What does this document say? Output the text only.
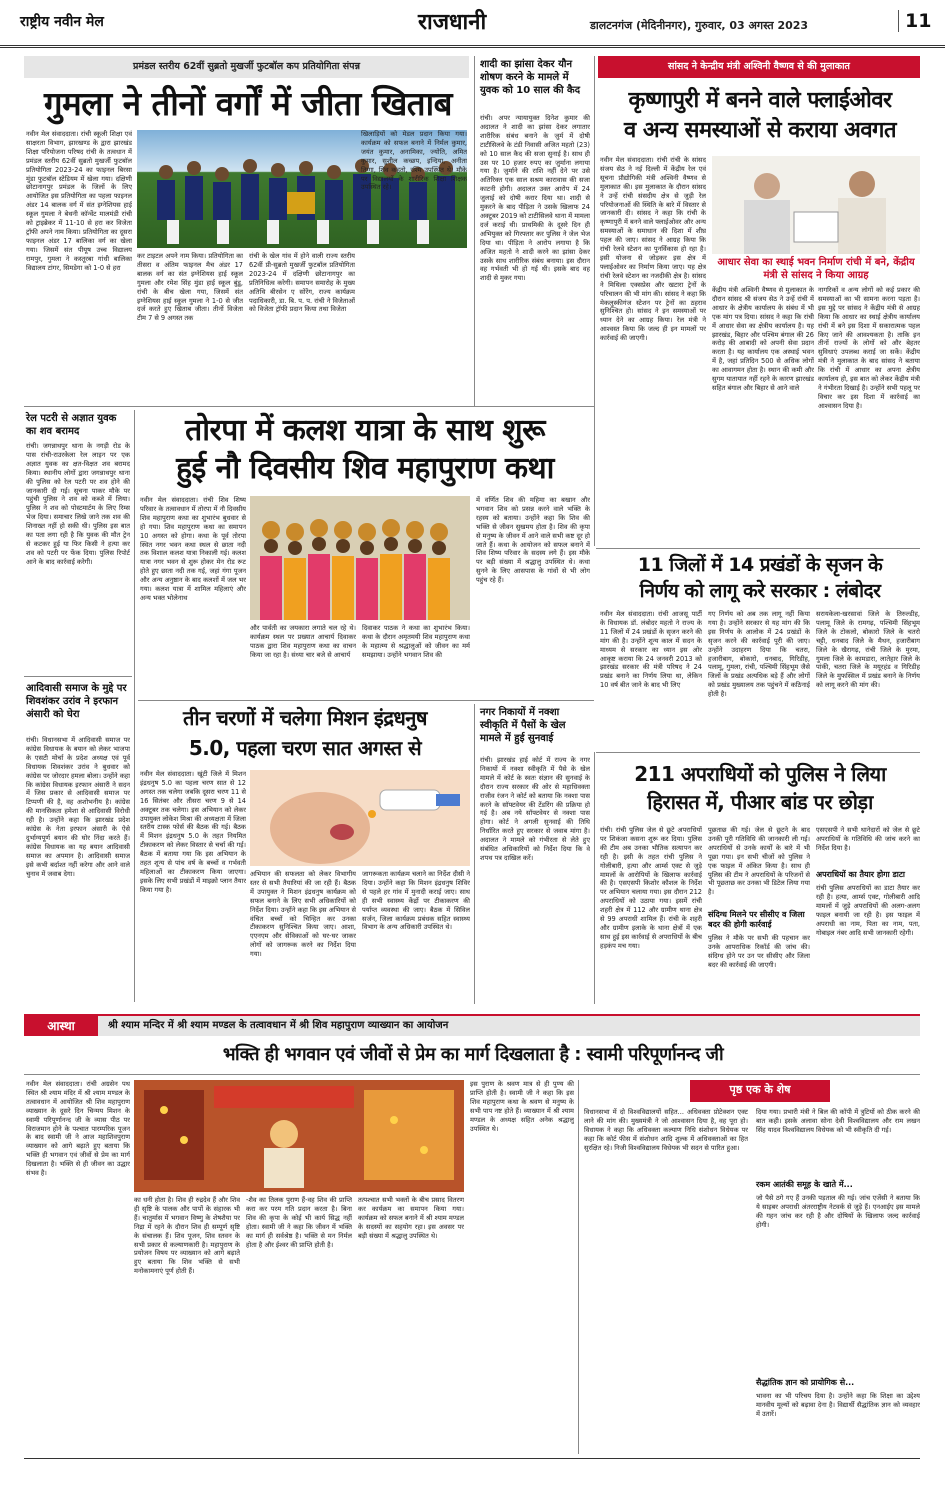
राष्ट्रीय नवीन मेल	राजधानी	डालटनगंज (मेदिनीनगर), गुरुवार, 03 अगस्त 2023	11
प्रमंडल स्तरीय 62वीं सुब्रतो मुखर्जी फुटबॉल कप प्रतियोगिता संपन्न
गुमला ने तीनों वर्गों में जीता खिताब
नवीन मेल संवाददाता। रांची स्कूली शिक्षा एवं साक्षरता विभाग, झारखण्ड के द्वारा झारखंड शिक्षा परियोजना परिषद रांची के तत्वधान में प्रमंडल स्तरीय 62वीं सुब्रतो मुखर्जी फुटबॉल प्रतियोगिता 2023-24 का फाइनल बिरसा मुंडा फुटबॉल स्टेडियम में खेला गया। दक्षिणी छोटानागपुर प्रमंडल के जिलों के लिए आयोजित इस प्रतियोगिता का पहला फाइनल अंडर 14 बालक वर्ग में संत इग्नेशियस हाई स्कूल गुमला ने बेथनी कॉन्वेंट मालमंडी रांची को ट्राइब्रेकर में 11-10 से हरा कर विजेता ट्रॉफी अपने नाम किया। प्रतियोगिता का दूसरा फाइनल अंडर 17 बालिका वर्ग का खेला गया। जिसमें संत पीयूष उच्च विद्यालय रामपुर, गुमला ने कस्तूरबा गांधी बालिका विद्यालय टांगर, सिमडेगा को 1-0 से हरा
कर टाइटल अपने नाम किया। प्रतियोगिता का तीसरा व अंतिम फाइनल मैच अंडर 17 बालक वर्ग का संत इग्नेशियस हाई स्कूल गुमला और रमेश सिंह मुंडा हाई स्कूल बुंडू, रांची के बीच खेला गया, जिसमें संत इग्नेशियस हाई स्कूल गुमला ने 1-0 से जीत दर्ज करते हुए खिताब जीता। तीनों विजेता टीम 7 से 9 अगस्त तक
रांची के खेल गांव में होने वाली राज्य स्तरीय 62वीं प्री-सुब्रतो मुखर्जी फुटबॉल प्रतियोगिता 2023-24 में दक्षिणी छोटानागपुर का प्रतिनिधित्व करेगी। समापन समारोह के मुख्य अतिथि बीरसेन ए सोरेंग, राज्य कार्यक्रम पदाधिकारी, डा. बि. प. प. रांची ने विजेताओं को विजेता ट्रॉफी प्रदान किया तथा विजेता
खिलाड़ियों को मेडल प्रदान किया गया। कार्यक्रम को सफल बनाने में निर्मल कुमार, जयंत कुमार, अनामिका, ज्योति, अमित कुमार, सुशील कच्छप, इन्दिया, अनीता तिग्गा, शिव कहतो, रश्मि उपस्थित थे। मौके पर विद्यालयों के शारीरिक शिक्षा शिक्षक उपस्थित रहे।
शादी का झांसा देकर यौन शोषण करने के मामले में युवक को 10 साल की कैद
रांची। अपर न्यायायुक्त दिनेश कुमार की अदालत ने शादी का झांसा देकर लगातार शारीरिक संबंध बनाने के जुर्म में दोषी टाटीसिलवे के टंडी निवासी अजित महतो (23) को 10 साल कैद की सजा सुनाई है। साथ ही उस पर 10 हजार रुपए का जुर्माना लगाया गया है। जुर्माने की राशि नहीं देने पर उसे अतिरिक्त एक साल सश्रम कारावास की सजा काटनी होगी। अदालत उक्त आरोप में 24 जुलाई को दोषी करार दिया था। शादी से मुकरने के बाद पीड़िता ने उसके खिलाफ 24 अक्टूबर 2019 को टाटीसिलवे थाना में मामला दर्ज कराई थी। प्राथमिकी के दूसरे दिन ही अभियुक्त को गिरफ्तार कर पुलिस ने जेल भेज दिया था। पीड़िता ने आरोप लगाया है कि अजित महतो ने शादी करने का झांसा देकर उसके साथ शारीरिक संबंध बनाया। इस दौरान वह गर्भवती भी हो गई थी। इसके बाद वह शादी से मुकर गया।
सांसद ने केन्द्रीय मंत्री अश्विनी वैष्णव से की मुलाकात
कृष्णापुरी में बनने वाले फ्लाईओवर
व अन्य समस्याओं से कराया अवगत
नवीन मेल संवाददाता। रांची रांची के सांसद संजय सेठ ने नई दिल्ली में केंद्रीय रेल एवं सूचना प्रौद्योगिकी मंत्री अश्विनी वैष्णव से मुलाकात की। इस मुलाकात के दौरान सांसद ने उन्हें रांची संसदीय क्षेत्र से जुड़ी रेल परियोजनाओं की स्थिति के बारे में विस्तार से जानकारी दी। सांसद ने कहा कि रांची के कृष्णापुरी में बनने वाले फ्लाईओवर और अन्य समस्याओं के समाधान की दिशा में शीघ्र पहल की जाए। सांसद ने आग्रह किया कि रांची रेलवे स्टेशन का पुनर्विकास हो रहा है। इसी योजना से जोड़कर इस क्षेत्र में फ्लाईओवर का निर्माण किया जाए। यह क्षेत्र रांची रेलवे स्टेशन का नजदीकी क्षेत्र है। सांसद ने मिथिला एक्सप्रेस और खटारा ट्रेनों के परिचालन की भी मांग की। सांसद ने कहा कि मेकलुस्कीगंज स्टेशन पर ट्रेनों का ठहराव सुनिश्चित हो। सांसद ने इन समस्याओं पर ध्यान देने का आग्रह किया। रेल मंत्री ने आश्वस्त किया कि जल्द ही इन मामलों पर कार्रवाई की जाएगी।
आधार सेवा का स्थाई भवन निर्माण रांची में बने, केंद्रीय मंत्री से सांसद ने किया आग्रह
केंद्रीय मंत्री अश्विनी वैष्णव से मुलाकात के दौरान सांसद श्री संजय सेठ ने उन्हें रांची में आधार के क्षेत्रीय कार्यालय के संबंध में भी एक मांग पत्र दिया। सांसद ने कहा कि रांची में आधार सेवा का क्षेत्रीय कार्यालय है। यह झारखंड, बिहार और पश्चिम बंगाल की 26 करोड़ की आबादी को अपनी सेवा प्रदान करता है। यह कार्यालय एक अस्थाई भवन में है, जहां प्रतिदिन 500 से अधिक लोगों का आवागमन होता है। स्थान की कमी और सुगम यातायात नहीं रहने के कारण झारखंड सहित बंगाल और बिहार से आने वाले
नागरिकों व अन्य लोगों को कई प्रकार की समस्याओं का भी सामना करना पड़ता है। इस मुद्दे पर सांसद ने केंद्रीय मंत्री से आग्रह किया कि आधार का स्थाई क्षेत्रीय कार्यालय रांची में बने इस दिशा में सकारात्मक पहल किए जाने की आवश्यकता है। ताकि इन तीनों राज्यों के लोगों को और बेहतर सुविधाएं उपलब्ध कराई जा सकें। केंद्रीय मंत्री ने मुलाकात के बाद सांसद ने बताया कि रांची में आधार का अपना क्षेत्रीय कार्यालय हो, इस बात को लेकर केंद्रीय मंत्री ने गंभीरता दिखाई है। उन्होंने सभी पहलू पर विचार कर इस दिशा में कार्रवाई का आश्वासन दिया है।
रेल पटरी से अज्ञात युवक का शव बरामद
रांची। जगन्नाथपुर थाना के नगड़ी रोड के पास रांची-राउरकेला रेल लाइन पर एक अज्ञात युवक का क्षत-विक्षत शव बरामद किया। स्थानीय लोगों द्वारा जगन्नाथपुर थाना की पुलिस को रेल पटरी पर शव होने की जानकारी दी गई। सूचना पाकर मौके पर पहुंची पुलिस ने शव को कब्जे में लिया। पुलिस ने शव को पोस्टमार्टम के लिए रिम्स भेज दिया। समाचार लिखे जाने तक शव की शिनाख्त नहीं हो सकी थी। पुलिस इस बात का पता लगा रही है कि युवक की मौत ट्रेन से कटकर हुई या फिर किसी ने हत्या कर शव को पटरी पर फेंक दिया। पुलिस रिपोर्ट आने के बाद कार्रवाई करेगी।
आदिवासी समाज के मुद्दे पर शिवशंकर उरांव ने इरफान अंसारी को घेरा
रांची। विधानसभा में आदिवासी समाज पर कांग्रेस विधायक के बयान को लेकर भाजपा के एसटी मोर्चा के प्रदेश अध्यक्ष एवं पूर्व विधायक शिवशंकर उरांव ने बुधवार को कांग्रेस पर जोरदार हमला बोला। उन्होंने कहा कि कांग्रेस विधायक इरफान अंसारी ने सदन में जिस प्रकार से आदिवासी समाज पर टिप्पणी की है, वह अशोभनीय है। कांग्रेस की मानसिकता हमेशा से आदिवासी विरोधी रही है। उन्होंने कहा कि झारखंड प्रदेश कांग्रेस के नेता इरफान अंसारी के ऐसे दुर्भाग्यपूर्ण बयान की घोर निंदा करते हैं। कांग्रेस विधायक का यह बयान आदिवासी समाज का अपमान है। आदिवासी समाज इसे कभी बर्दाश्त नहीं करेगा और आने वाले चुनाव में जवाब देगा।
तोरपा में कलश यात्रा के साथ शुरू
हुई नौ दिवसीय शिव महापुराण कथा
नवीन मेल संवाददाता। रांची शिव शिष्य परिवार के तत्वावधान में तोरपा में नौ दिवसीय शिव महापुराण कथा का शुभारंभ बुधवार से हो गया। शिव महापुराण कथा का समापन 10 अगस्त को होगा। कथा के पूर्व तोरपा स्थित नगर भवन कथा स्थल से छाता नदी तक विशाल कलश यात्रा निकाली गई। कलश यात्रा नगर भवन से शुरू होकर मेन रोड रूट होते हुए छाता नदी तक गई, जहां गंगा पूजन और अन्य अनुष्ठान के बाद कलशों में जल भर गया। कलश यात्रा में शामिल महिलाएं और अन्य भक्त भोलेनाथ
और पार्वती का जयकारा लगाते चल रहे थे। कार्यक्रम स्थल पर प्रख्यात आचार्य दिवाकर पाठक द्वारा शिव महापुराण कथा का वाचन किया जा रहा है। संध्या चार बजे से आचार्य
दिवाकर पाठक ने कथा का शुभारंभ किया। कथा के दौरान अमृतमयी शिव महापुराण कथा के महात्म्य से श्रद्धालुओं को जीवन का मर्म समझाया। उन्होंने भगवान शिव की
में वर्णित शिव की महिमा का बखान और भगवान शिव को प्रसन्न करने वाले भक्ति के रहस्य को बताया। उन्होंने कहा कि शिव की भक्ति से जीवन सुखमय होता है। शिव की कृपा से मनुष्य के जीवन में आने वाले सभी कष्ट दूर हो जाते हैं। कथा के आयोजन को सफल बनाने में शिव शिष्य परिवार के सदस्य लगे हैं। इस मौके पर बड़ी संख्या में श्रद्धालु उपस्थित थे। कथा सुनने के लिए आसपास के गांवों से भी लोग पहुंच रहे हैं।
11 जिलों में 14 प्रखंडों के सृजन के
निर्णय को लागू करे सरकार : लंबोदर
नवीन मेल संवाददाता। रांची आजसू पार्टी के विधायक डॉ. लंबोदर महतो ने राज्य के 11 जिलों में 24 प्रखंडों के सृजन करने की मांग की है। उन्होंने शून्य काल में सदन के माध्यम से सरकार का ध्यान इस ओर आकृष्ट कराया कि 24 जनवरी 2013 को झारखंड सरकार की मंत्री परिषद ने 24 प्रखंड बनाने का निर्णय लिया था, लेकिन 10 वर्ष बीत जाने के बाद भी लिए
गए निर्णय को अब तक लागू नहीं किया गया है। उन्होंने सरकार से यह मांग की कि इस निर्णय के आलोक में 24 प्रखंडों के सृजन करने की कार्रवाई पूरी की जाए। उन्होंने उदाहरण दिया कि चतरा, हजारीबाग, बोकारो, धनबाद, गिरिडीह, पलामू, गुमला, रांची, पश्चिमी सिंहभूम जैसे जिलों के प्रखंड अत्यधिक बड़े हैं और लोगों को प्रखंड मुख्यालय तक पहुंचने में कठिनाई होती है।
सरायकेला-खरसावां जिले के तिरुल्डीह, पलामू जिले के रामगढ़, पश्चिमी सिंहभूम जिले के टोकलो, बोकारो जिले के चतरो चट्टी, धनबाद जिले के मैथन, हजारीबाग जिले के खैरागढ़, रांची जिले के मुरमा, गुमला जिले के कामडारा, लातेहार जिले के पांकी, चतरा जिले के मयूरहंड व गिरिडीह जिले के मुफस्सिल में प्रखंड बनाने के निर्णय को लागू करने की मांग की।
तीन चरणों में चलेगा मिशन इंद्रधनुष
5.0, पहला चरण सात अगस्त से
नवीन मेल संवाददाता। खूंटी जिले में मिशन इंद्रधनुष 5.0 का पहला चरण सात से 12 अगस्त तक चलेगा जबकि दूसरा चरण 11 से 16 सितंबर और तीसरा चरण 9 से 14 अक्टूबर तक चलेगा। इस अभियान को लेकर उपायुक्त लोकेश मिश्रा की अध्यक्षता में जिला स्तरीय टास्क फोर्स की बैठक की गई। बैठक में मिशन इंद्रधनुष 5.0 के तहत नियमित टीकाकरण को लेकर विस्तार से चर्चा की गई। बैठक में बताया गया कि इस अभियान के तहत शून्य से पांच वर्ष के बच्चों व गर्भवती महिलाओं का टीकाकरण किया जाएगा। इसके लिए सभी प्रखंडों में माइक्रो प्लान तैयार किया गया है।
अभियान की सफलता को लेकर विभागीय स्तर से सभी तैयारियां की जा रही हैं। बैठक में उपायुक्त ने मिशन इंद्रधनुष कार्यक्रम को सफल बनाने के लिए सभी अधिकारियों को निर्देश दिया। उन्होंने कहा कि इस अभियान से वंचित बच्चों को चिन्हित कर उनका टीकाकरण सुनिश्चित किया जाए। आशा, एएनएम और सेविकाओं को घर-घर जाकर लोगों को जागरूक करने का निर्देश दिया गया।
जागरूकता कार्यक्रम चलाने का निर्देश दीसी ने दिया। उन्होंने कहा कि मिशन इंद्रधनुष शिविर से पहले हर गांव में मुनादी कराई जाए। साथ ही सभी स्वास्थ्य केंद्रों पर टीकाकरण की पर्याप्त व्यवस्था की जाए। बैठक में सिविल सर्जन, जिला कार्यक्रम प्रबंधक सहित स्वास्थ्य विभाग के अन्य अधिकारी उपस्थित थे।
नगर निकायों में नक्शा स्वीकृति में पैसों के खेल मामले में हुई सुनवाई
रांची। झारखंड हाई कोर्ट में राज्य के नगर निकायों में नक्शा स्वीकृति में पैसे के खेल मामले में कोर्ट के स्वतः संज्ञान की सुनवाई के दौरान राज्य सरकार की ओर से महाधिवक्ता राजीव रंजन ने कोर्ट को बताया कि नक्शा पास करने के सॉफ्टवेयर की टेंडरिंग की प्रक्रिया हो गई है। अब नये सॉफ्टवेयर से नक्शा पास होगा। कोर्ट ने अगली सुनवाई की तिथि निर्धारित करते हुए सरकार से जवाब मांगा है। अदालत ने मामले को गंभीरता से लेते हुए संबंधित अधिकारियों को निर्देश दिया कि वे शपथ पत्र दाखिल करें।
211 अपराधियों को पुलिस ने लिया
हिरासत में, पीआर बांड पर छोड़ा
रांची। रांची पुलिस जेल से छूटे अपराधियों पर शिकंजा कसना शुरू कर दिया। पुलिस की टीम अब उनका भौतिक सत्यापन कर रही है। इसी के तहत रांची पुलिस ने गोलीबारी, हत्या और आर्म्स एक्ट से जुड़े मामलों के आरोपियों के खिलाफ कार्रवाई की है। एसएसपी किशोर कौशल के निर्देश पर अभियान चलाया गया। इस दौरान 212 अपराधियों को उठाया गया। इसमें रांची शहरी क्षेत्र में 112 और ग्रामीण थाना क्षेत्र से 99 अपराधी शामिल हैं। रांची के शहरी और ग्रामीण इलाके के थाना क्षेत्रों में एक साथ हुई इस कार्रवाई से अपराधियों के बीच हड़कंप मच गया।
पूछताछ की गई। जेल से छूटने के बाद उनकी पूरी गतिविधि की जानकारी ली गई। अपराधियों से उनके कार्यों के बारे में भी पूछा गया। इन सभी चीजों को पुलिस ने एक फाइल में अंकित किया है। साथ ही पुलिस की टीम ने अपराधियों के परिजनों से भी पूछताछ कर उनका भी डिटेल लिया गया है।
संदिग्ध मिलने पर सीसीए व जिला बदर की होगी कार्रवाई
पुलिस ने मौके पर सभी की पहचान कर उनके आपराधिक रिकॉर्ड की जांच की। संदिग्ध होने पर उन पर सीसीए और जिला बदर की कार्रवाई की जाएगी।
एसएसपी ने सभी थानेदारों को जेल से छूटे अपराधियों के गतिविधि की जांच करने का निर्देश दिया है।
अपराधियों का तैयार होगा डाटा
रांची पुलिस अपराधियों का डाटा तैयार कर रही है। हत्या, आर्म्स एक्ट, गोलीबारी आदि मामलों में जुड़े अपराधियों की अलग-अलग फाइल बनायी जा रही है। इस फाइल में अपराधी का नाम, पिता का नाम, पता, गोबाइल नंबर आदि सभी जानकारी रहेगी।
आस्था	श्री श्याम मन्दिर में श्री श्याम मण्डल के तत्वावधान में श्री शिव महापुराण व्याख्यान का आयोजन
भक्ति ही भगवान एवं जीवों से प्रेम का मार्ग दिखलाता है : स्वामी परिपूर्णानन्द जी
नवीन मेल संवाददाता। रांची अग्रसेन पथ स्थित श्री श्याम मंदिर में श्री श्याम मण्डल के तत्वावधान में आयोजित श्री शिव महापुराण व्याख्यान के दूसरे दिन चिन्मय मिशन के स्वामी परिपूर्णानन्द जी के व्यास पीठ पर विराजमान होने के पश्चात पारम्परिक पूजन के बाद स्वामी जी ने आज महाशिवपुराण व्याख्यान को आगे बढ़ाते हुए बताया कि भक्ति ही भगवान एवं जीवों से प्रेम का मार्ग दिखलाता है। भक्ति से ही जीवन का उद्धार संभव है।
का धनी होता है। शिव ही रुद्रदेव हैं और शिव ही सृष्टि के पालक और पापों के संहारक भी हैं। चातुर्मास में भगवान विष्णु के शेषशैया पर निद्रा में रहने के दौरान शिव ही सम्पूर्ण सृष्टि के संचालक हैं। शिव पूजन, शिव स्तवन के सभी प्रकार से कल्याणकारी है। महापुराण के प्रयोजन विषय पर व्याख्यान को आगे बढ़ाते हुए बताया कि शिव भक्ति से सभी मनोकामनाएं पूर्ण होती हैं।
-शैव का तिलक पुराण हैं-वह शिव की प्राप्ति करा कर परम गति प्रदान करता है। बिना शिव की कृपा के कोई भी कार्य सिद्ध नहीं होता। स्वामी जी ने कहा कि जीवन में भक्ति का मार्ग ही सर्वश्रेष्ठ है। भक्ति से मन निर्मल होता है और ईश्वर की प्राप्ति होती है।
तत्पश्चात सभी भक्तों के बीच प्रसाद वितरण कर कार्यक्रम का समापन किया गया। कार्यक्रम को सफल बनाने में श्री श्याम मण्डल के सदस्यों का सहयोग रहा। इस अवसर पर बड़ी संख्या में श्रद्धालु उपस्थित थे।
इस पुराण के श्रवण मात्र से ही पुण्य की प्राप्ति होती है। स्वामी जी ने कहा कि इस शिव महापुराण कथा के श्रवण से मनुष्य के सभी पाप नष्ट होते हैं। व्याख्यान में श्री श्याम मण्डल के अध्यक्ष सहित अनेक श्रद्धालु उपस्थित थे।
पृष्ठ एक के शेष
विधानसभा में दो विश्वविद्यालयों सहित... अधिवक्ता प्रोटेक्शन एक्ट लाने की मांग की। मुख्यमंत्री ने जो आश्वासन दिया है, वह पूरा हो। विधायक ने कहा कि अधिवक्ता कल्याण निधि संशोधन विधेयक पर कहा कि कोर्ट फीस में संशोधन आदि शुल्क में अधिवक्ताओं का हित सुरक्षित रहे। निजी विश्वविद्यालय विधेयक भी सदन से पारित हुआ।
दिया गया। प्रभारी मंत्री ने बिल की कॉपी में त्रुटियों को ठीक करने की बात कही। इसके अलावा सोना देवी विश्वविद्यालय और राम लखन सिंह यादव विश्वविद्यालय विधेयक को भी स्वीकृति दी गई।
रकम आतंकी समूह के खाते में...
जो पैसे ठगे गए हैं उनकी पड़ताल की गई। जांच एजेंसी ने बताया कि ये साइबर अपराधी अंतरराष्ट्रीय नेटवर्क से जुड़े हैं। एनआईए इस मामले की गहन जांच कर रही है और दोषियों के खिलाफ जल्द कार्रवाई होगी।
सैद्धांतिक ज्ञान को प्रायोगिक से...
भावना का भी परिचय दिया है। उन्होंने कहा कि शिक्षा का उद्देश्य मानवीय मूल्यों को बढ़ावा देना है। विद्यार्थी सैद्धांतिक ज्ञान को व्यवहार में उतारें।
